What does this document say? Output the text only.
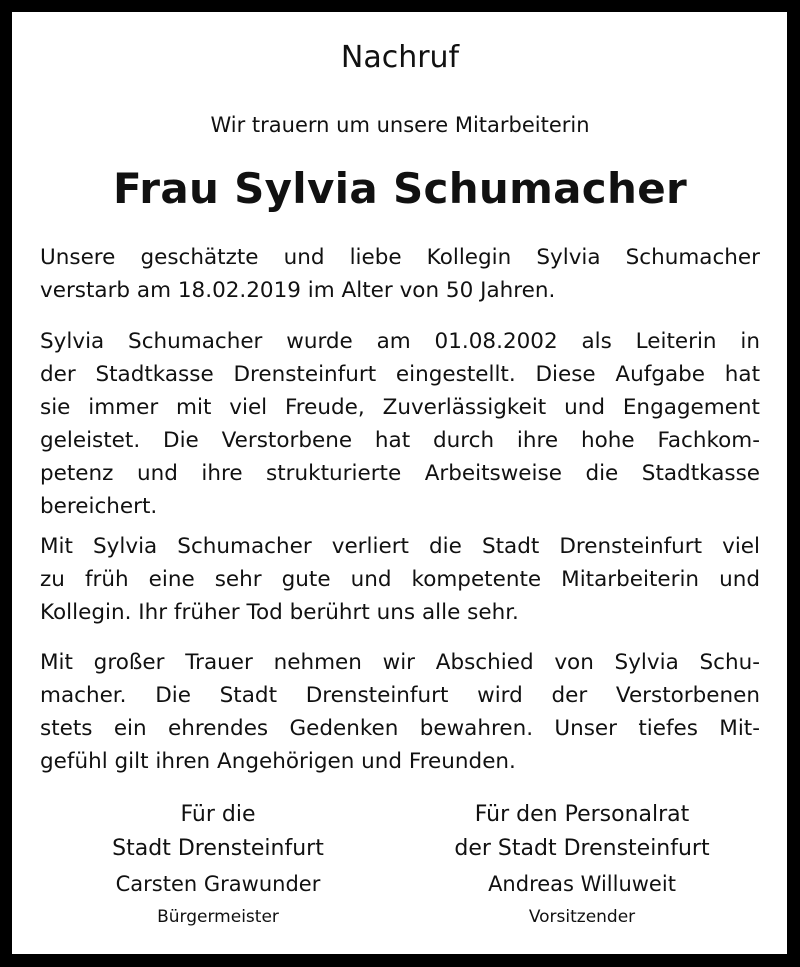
Nachruf
Wir trauern um unsere Mitarbeiterin
Frau Sylvia Schumacher
Unsere geschätzte und liebe Kollegin Sylvia Schumacher
verstarb am 18.02.2019 im Alter von 50 Jahren.
Sylvia Schumacher wurde am 01.08.2002 als Leiterin in
der Stadtkasse Drensteinfurt eingestellt. Diese Aufgabe hat
sie immer mit viel Freude, Zuverlässigkeit und Engagement
geleistet. Die Verstorbene hat durch ihre hohe Fachkom-
petenz und ihre strukturierte Arbeitsweise die Stadtkasse
bereichert.
Mit Sylvia Schumacher verliert die Stadt Drensteinfurt viel
zu früh eine sehr gute und kompetente Mitarbeiterin und
Kollegin. Ihr früher Tod berührt uns alle sehr.
Mit großer Trauer nehmen wir Abschied von Sylvia Schu-
macher. Die Stadt Drensteinfurt wird der Verstorbenen
stets ein ehrendes Gedenken bewahren. Unser tiefes Mit-
gefühl gilt ihren Angehörigen und Freunden.
Für die
Stadt Drensteinfurt
Carsten Grawunder
Bürgermeister
Für den Personalrat
der Stadt Drensteinfurt
Andreas Willuweit
Vorsitzender
